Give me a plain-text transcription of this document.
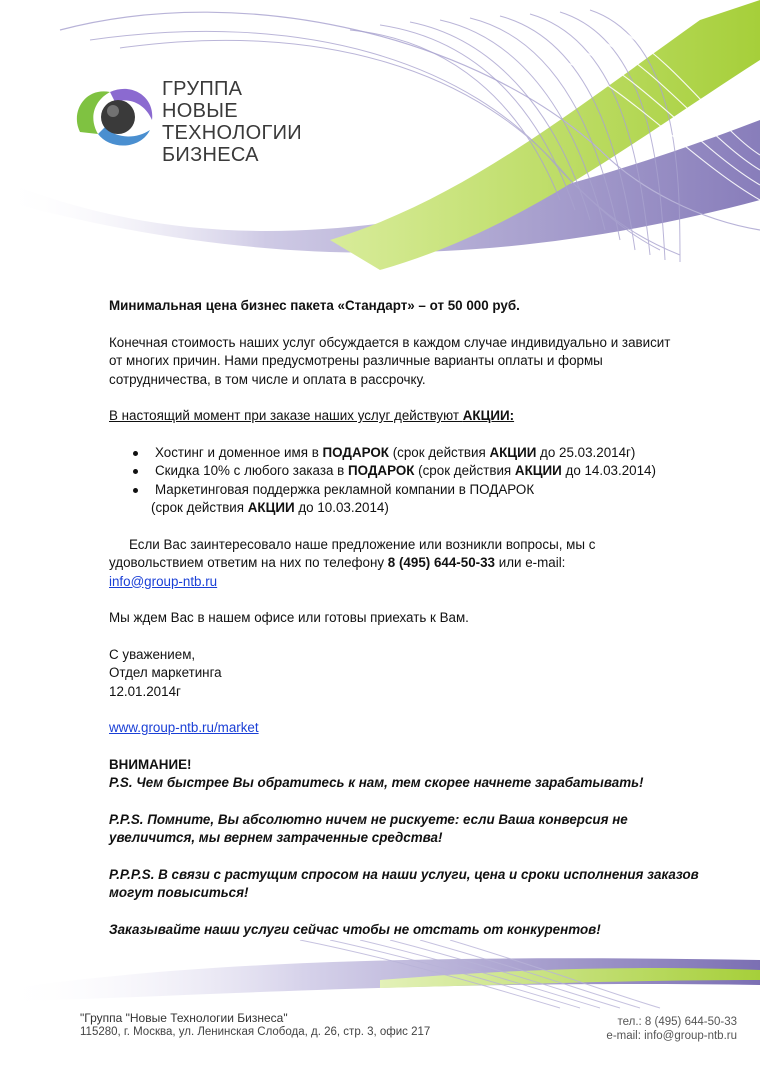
ГРУППА
НОВЫЕ
ТЕХНОЛОГИИ
БИЗНЕСА

Минимальная цена бизнес пакета «Стандарт» – от 50 000 руб.

Конечная стоимость наших услуг обсуждается в каждом случае индивидуально и зависит

от многих причин. Нами предусмотрены различные варианты оплаты и формы

сотрудничества, в том числе и оплата в рассрочку.

В настоящий момент при заказе наших услуг действуют АКЦИИ:

Хостинг и доменное имя в ПОДАРОК (срок действия АКЦИИ до 25.03.2014г)
Скидка 10% с любого заказа в ПОДАРОК (срок действия АКЦИИ до 14.03.2014)
Маркетинговая поддержка рекламной компании в ПОДАРОК

(срок действия АКЦИИ до 10.03.2014)

Если Вас заинтересовало наше предложение или возникли вопросы, мы с

удовольствием ответим на них по телефону 8 (495) 644-50-33 или e-mail:

info@group-ntb.ru

Мы ждем Вас в нашем офисе или готовы приехать к Вам.

С уважением,

Отдел маркетинга

12.01.2014г

www.group-ntb.ru/market

ВНИМАНИЕ!

P.S. Чем быстрее Вы обратитесь к нам, тем скорее начнете зарабатывать!

P.P.S. Помните, Вы абсолютно ничем не рискуете: если Ваша конверсия не

увеличится, мы вернем затраченные средства!

P.P.P.S. В связи с растущим спросом на наши услуги, цена и сроки исполнения заказов

могут повыситься!

Заказывайте наши услуги сейчас чтобы не отстать от конкурентов!

"Группа "Новые Технологии Бизнеса"
115280, г. Москва, ул. Ленинская Слобода, д. 26, стр. 3, офис 217
тел.: 8 (495) 644-50-33
e-mail: info@group-ntb.ru
